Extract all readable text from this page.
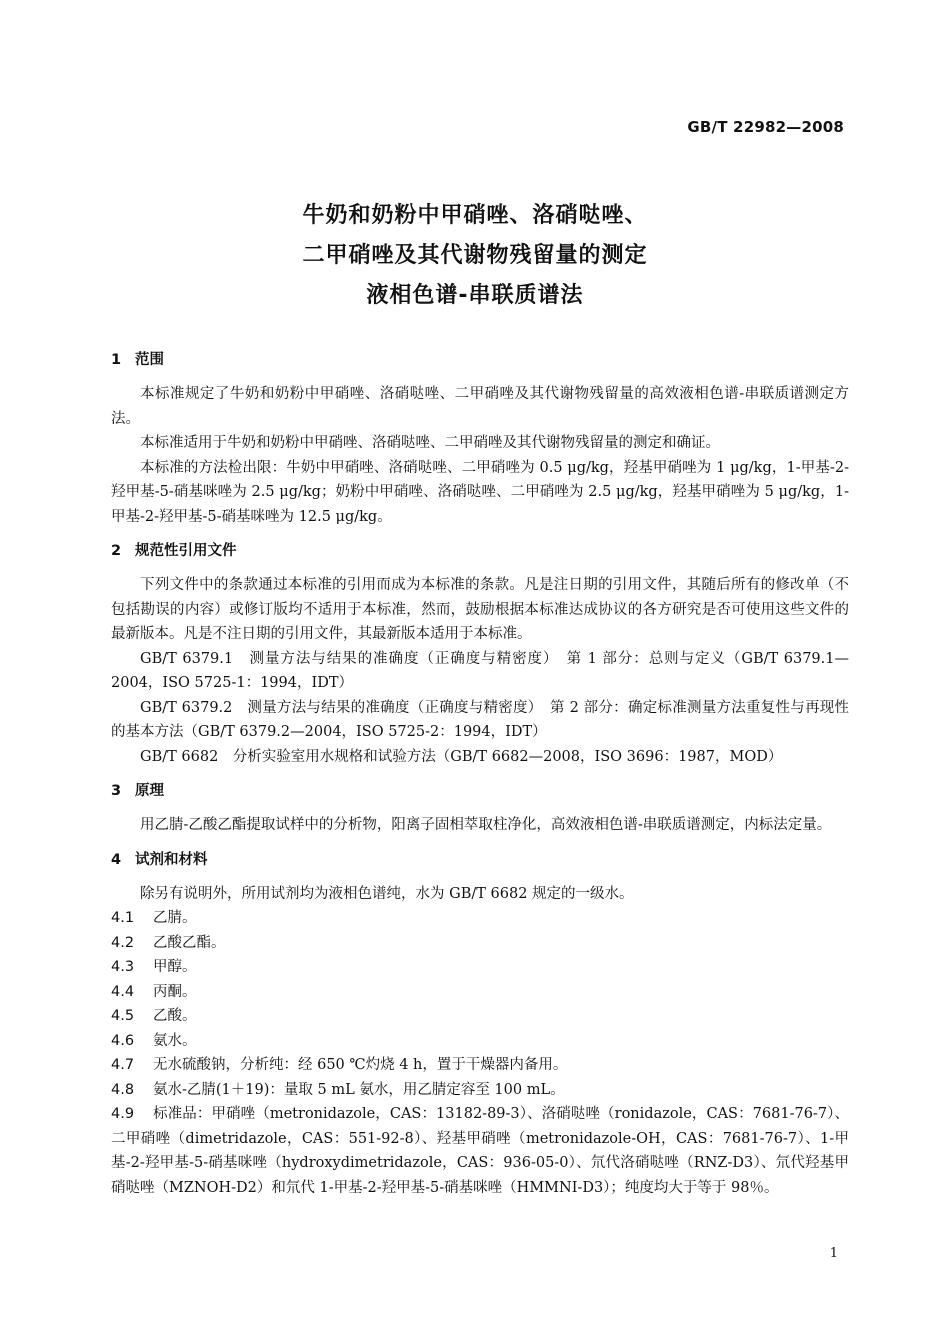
GB/T 22982—2008
牛奶和奶粉中甲硝唑、洛硝哒唑、
二甲硝唑及其代谢物残留量的测定
液相色谱-串联质谱法
1 范围
本标准规定了牛奶和奶粉中甲硝唑、洛硝哒唑、二甲硝唑及其代谢物残留量的高效液相色谱-串联质谱测定方法。
本标准适用于牛奶和奶粉中甲硝唑、洛硝哒唑、二甲硝唑及其代谢物残留量的测定和确证。
本标准的方法检出限：牛奶中甲硝唑、洛硝哒唑、二甲硝唑为 0.5 μg/kg，羟基甲硝唑为 1 μg/kg，1-甲基-2-羟甲基-5-硝基咪唑为 2.5 μg/kg；奶粉中甲硝唑、洛硝哒唑、二甲硝唑为 2.5 μg/kg，羟基甲硝唑为 5 μg/kg，1-甲基-2-羟甲基-5-硝基咪唑为 12.5 μg/kg。
2 规范性引用文件
下列文件中的条款通过本标准的引用而成为本标准的条款。凡是注日期的引用文件，其随后所有的修改单（不包括勘误的内容）或修订版均不适用于本标准，然而，鼓励根据本标准达成协议的各方研究是否可使用这些文件的最新版本。凡是不注日期的引用文件，其最新版本适用于本标准。
GB/T 6379.1　测量方法与结果的准确度（正确度与精密度）　第 1 部分：总则与定义（GB/T 6379.1—2004，ISO 5725-1：1994，IDT）
GB/T 6379.2　测量方法与结果的准确度（正确度与精密度）　第 2 部分：确定标准测量方法重复性与再现性的基本方法（GB/T 6379.2—2004，ISO 5725-2：1994，IDT）
GB/T 6682　分析实验室用水规格和试验方法（GB/T 6682—2008，ISO 3696：1987，MOD）
3 原理
用乙腈-乙酸乙酯提取试样中的分析物，阳离子固相萃取柱净化，高效液相色谱-串联质谱测定，内标法定量。
4 试剂和材料
除另有说明外，所用试剂均为液相色谱纯，水为 GB/T 6682 规定的一级水。
4.1 乙腈。
4.2 乙酸乙酯。
4.3 甲醇。
4.4 丙酮。
4.5 乙酸。
4.6 氨水。
4.7 无水硫酸钠，分析纯：经 650 ℃灼烧 4 h，置于干燥器内备用。
4.8 氨水-乙腈(1＋19)：量取 5 mL 氨水，用乙腈定容至 100 mL。
4.9 标准品：甲硝唑（metronidazole，CAS：13182-89-3）、洛硝哒唑（ronidazole，CAS：7681-76-7）、二甲硝唑（dimetridazole，CAS：551-92-8）、羟基甲硝唑（metronidazole-OH，CAS：7681-76-7）、1-甲基-2-羟甲基-5-硝基咪唑（hydroxydimetridazole，CAS：936-05-0）、氘代洛硝哒唑（RNZ-D3）、氘代羟基甲硝哒唑（MZNOH-D2）和氘代 1-甲基-2-羟甲基-5-硝基咪唑（HMMNI-D3）；纯度均大于等于 98％。
1
